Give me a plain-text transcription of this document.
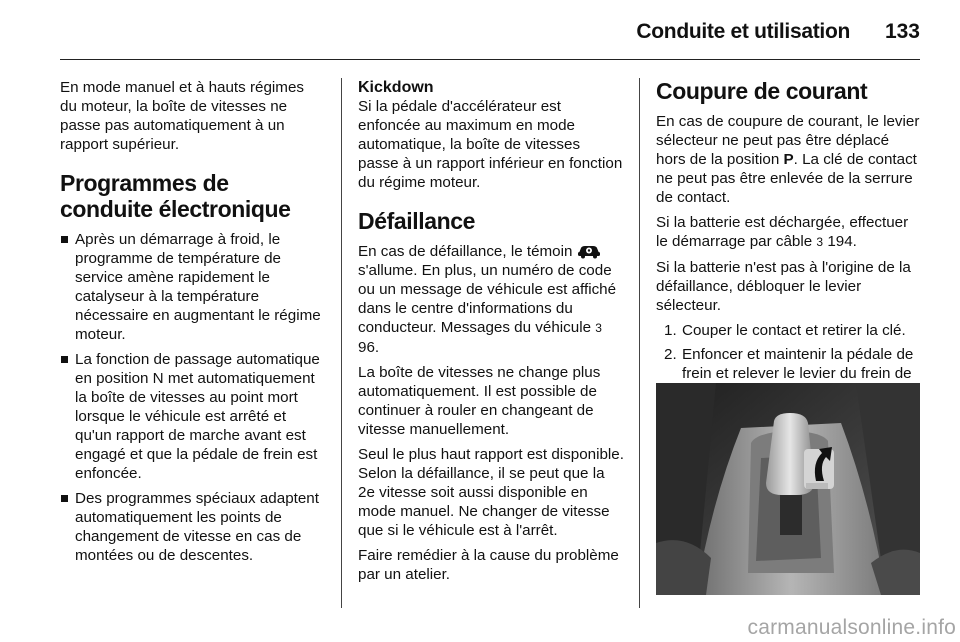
Conduite et utilisation 133

En mode manuel et à hauts régimes du moteur, la boîte de vitesses ne passe pas automatiquement à un rapport supérieur.

Programmes de conduite électronique
Après un démarrage à froid, le programme de température de service amène rapidement le catalyseur à la température nécessaire en augmentant le régime moteur.
La fonction de passage automatique en position N met automatiquement la boîte de vitesses au point mort lorsque le véhicule est arrêté et qu'un rapport de marche avant est engagé et que la pédale de frein est enfoncée.
Des programmes spéciaux adaptent automatiquement les points de changement de vitesse en cas de montées ou de descentes.
Kickdown

Si la pédale d'accélérateur est enfoncée au maximum en mode automatique, la boîte de vitesses passe à un rapport inférieur en fonction du régime moteur.

Défaillance

En cas de défaillance, le témoin  s'allume. En plus, un numéro de code ou un message de véhicule est affiché dans le centre d'informations du conducteur. Messages du véhicule 3 96.

La boîte de vitesses ne change plus automatiquement. Il est possible de continuer à rouler en changeant de vitesse manuellement.

Seul le plus haut rapport est disponible. Selon la défaillance, il se peut que la 2e vitesse soit aussi disponible en mode manuel. Ne changer de vitesse que si le véhicule est à l'arrêt.

Faire remédier à la cause du problème par un atelier.

Coupure de courant

En cas de coupure de courant, le levier sélecteur ne peut pas être déplacé hors de la position P. La clé de contact ne peut pas être enlevée de la serrure de contact.

Si la batterie est déchargée, effectuer le démarrage par câble 3 194.

Si la batterie n'est pas à l'origine de la défaillance, débloquer le levier sélecteur.

1. Couper le contact et retirer la clé.
2. Enfoncer et maintenir la pédale de frein et relever le levier du frein de
carmanualsonline.info
